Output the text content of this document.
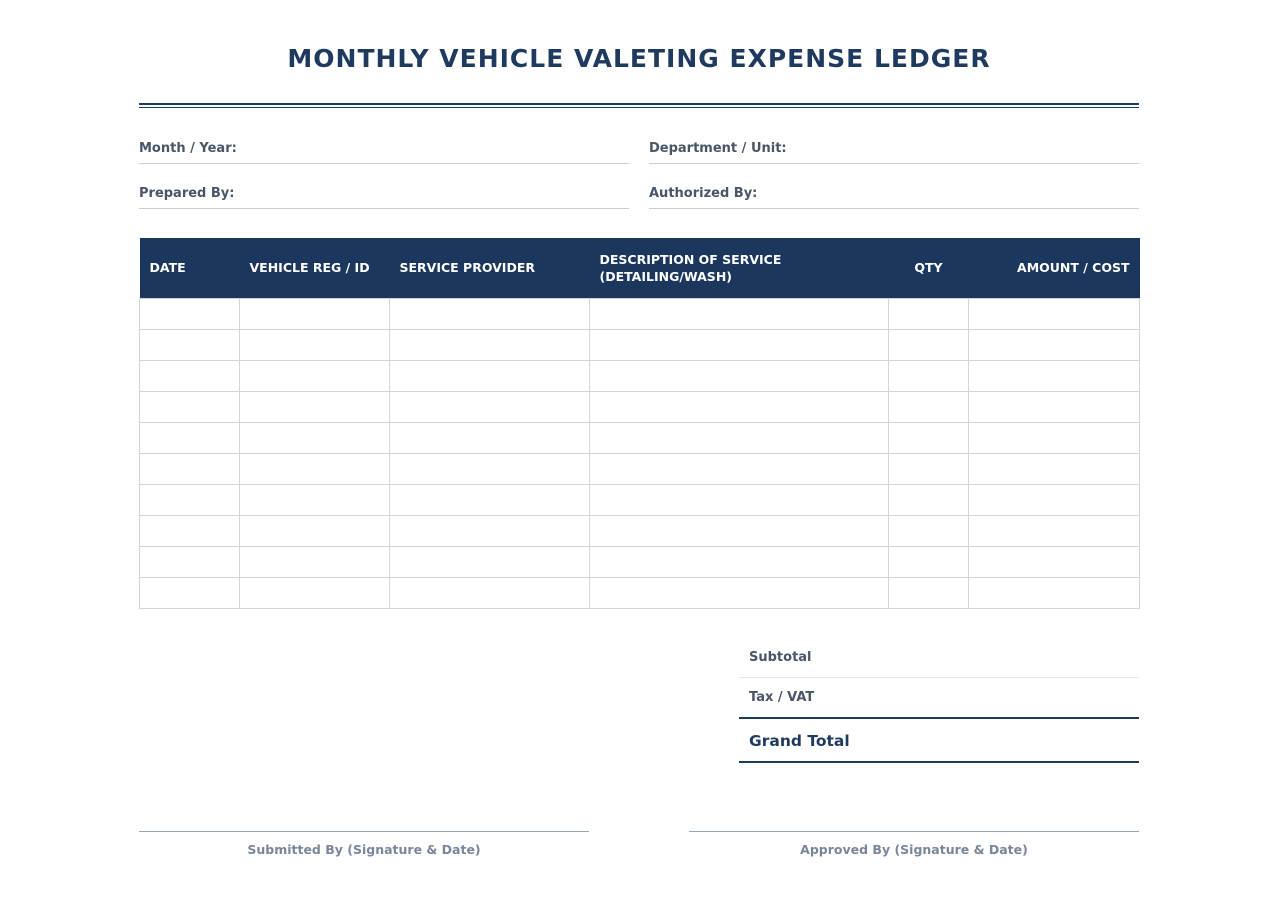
MONTHLY VEHICLE VALETING EXPENSE LEDGER
Month / Year:	Department / Unit:
Prepared By:	Authorized By:
DATE	VEHICLE REG / ID	SERVICE PROVIDER	DESCRIPTION OF SERVICE (DETAILING/WASH)	QTY	AMOUNT / COST

Subtotal
Tax / VAT
Grand Total
Submitted By (Signature & Date)	Approved By (Signature & Date)
